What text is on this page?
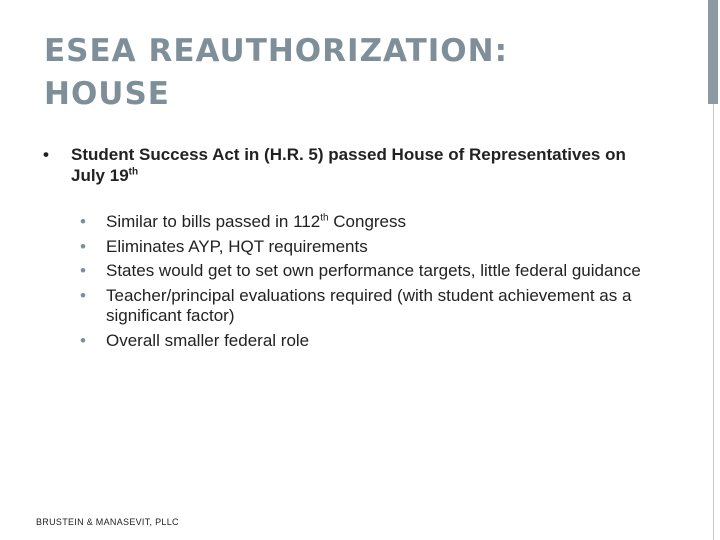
ESEA REAUTHORIZATION:
HOUSE
• Student Success Act in (H.R. 5) passed House of Representatives on July 19th
• Similar to bills passed in 112th Congress
• Eliminates AYP, HQT requirements
• States would get to set own performance targets, little federal guidance
• Teacher/principal evaluations required (with student achievement as a significant factor)
• Overall smaller federal role
BRUSTEIN & MANASEVIT, PLLC
